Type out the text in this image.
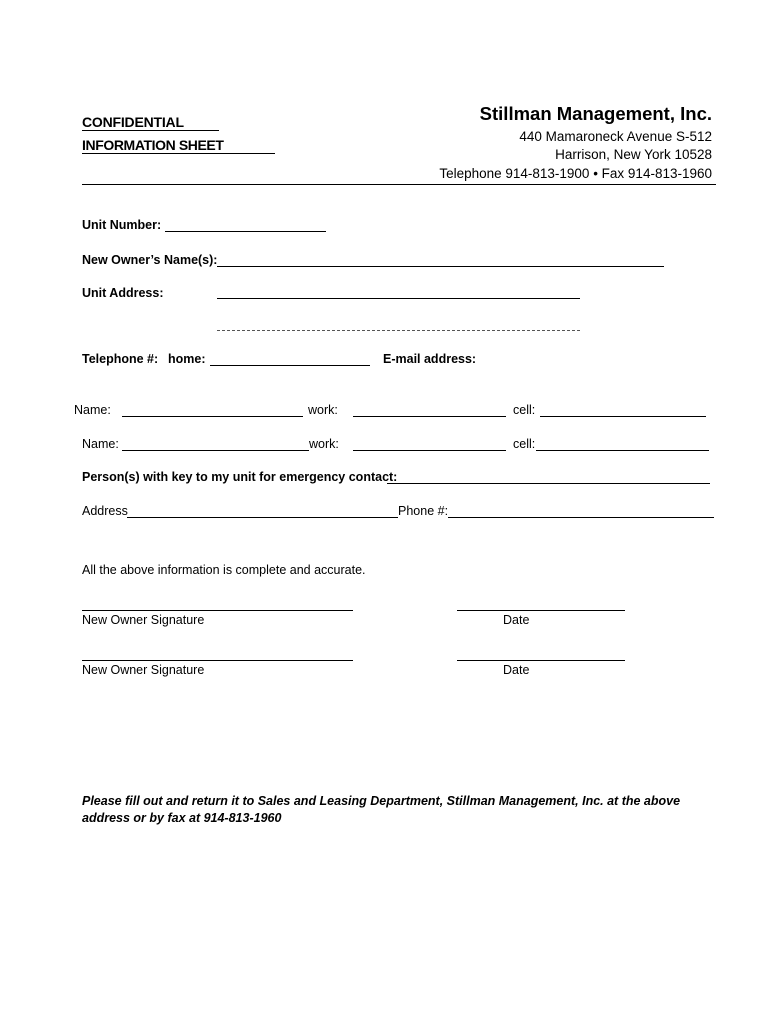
CONFIDENTIAL
INFORMATION SHEET
Stillman Management, Inc.
440 Mamaroneck Avenue S-512
Harrison, New York 10528
Telephone 914-813-1900 • Fax 914-813-1960
Unit Number:
New Owner’s Name(s):
Unit Address:
Telephone #: home:	E-mail address:
Name:	work:	cell:
Name:	work:	cell:
Person(s) with key to my unit for emergency contact:
Address	Phone #:
All the above information is complete and accurate.
New Owner Signature	Date
New Owner Signature	Date
Please fill out and return it to Sales and Leasing Department, Stillman Management, Inc. at the above address or by fax at 914-813-1960
